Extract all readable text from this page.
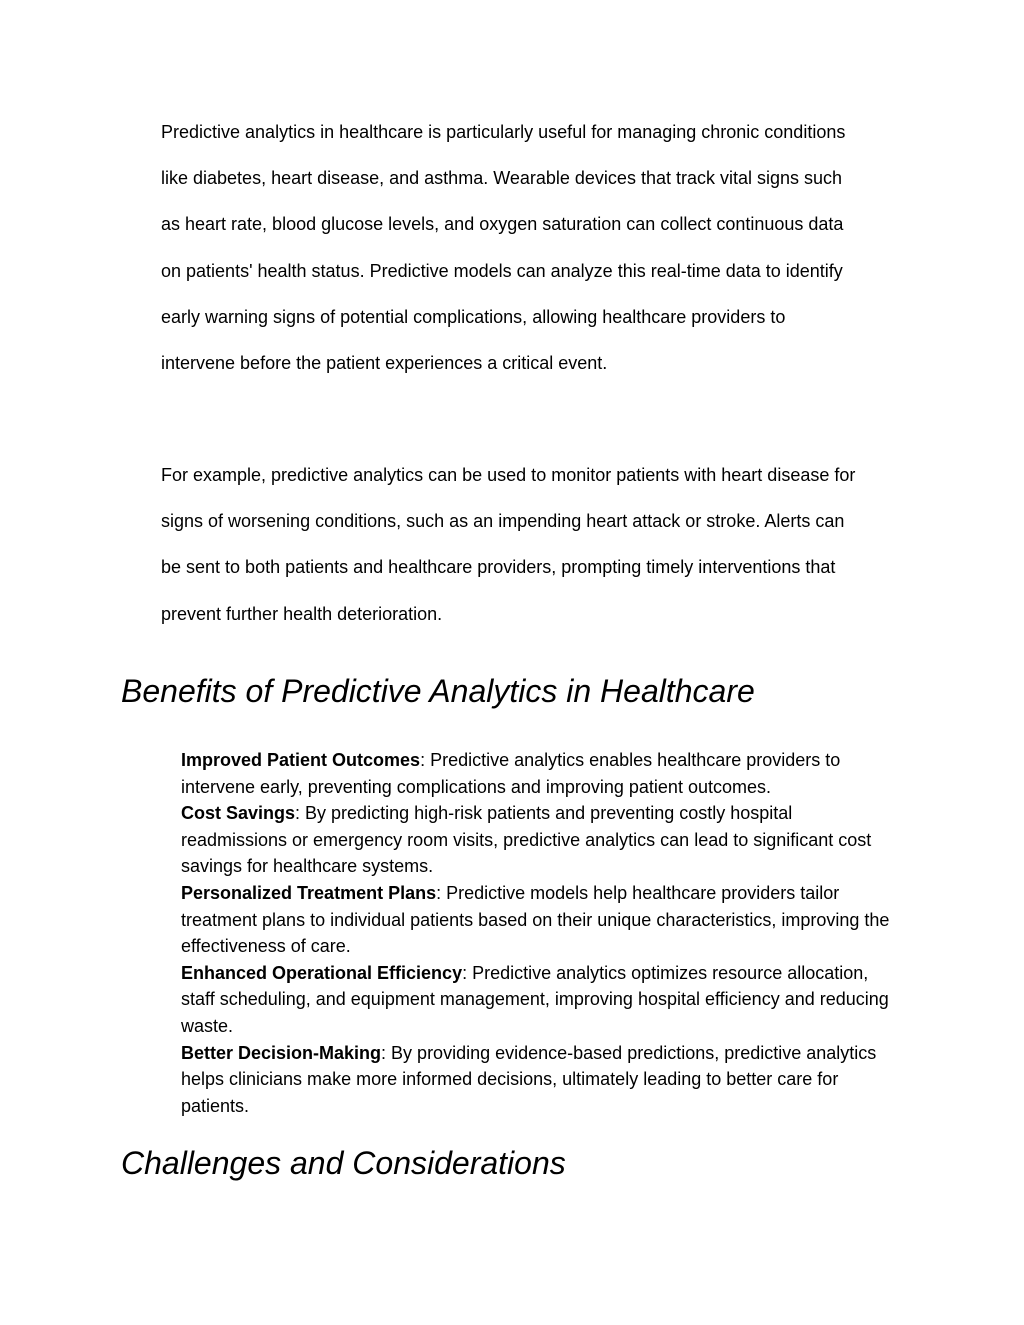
Predictive analytics in healthcare is particularly useful for managing chronic conditions like diabetes, heart disease, and asthma. Wearable devices that track vital signs such as heart rate, blood glucose levels, and oxygen saturation can collect continuous data on patients' health status. Predictive models can analyze this real-time data to identify early warning signs of potential complications, allowing healthcare providers to intervene before the patient experiences a critical event.

For example, predictive analytics can be used to monitor patients with heart disease for signs of worsening conditions, such as an impending heart attack or stroke. Alerts can be sent to both patients and healthcare providers, prompting timely interventions that prevent further health deterioration.

Benefits of Predictive Analytics in Healthcare
Improved Patient Outcomes: Predictive analytics enables healthcare providers to intervene early, preventing complications and improving patient outcomes.
Cost Savings: By predicting high-risk patients and preventing costly hospital readmissions or emergency room visits, predictive analytics can lead to significant cost savings for healthcare systems.
Personalized Treatment Plans: Predictive models help healthcare providers tailor treatment plans to individual patients based on their unique characteristics, improving the effectiveness of care.
Enhanced Operational Efficiency: Predictive analytics optimizes resource allocation, staff scheduling, and equipment management, improving hospital efficiency and reducing waste.
Better Decision-Making: By providing evidence-based predictions, predictive analytics helps clinicians make more informed decisions, ultimately leading to better care for patients.
Challenges and Considerations
